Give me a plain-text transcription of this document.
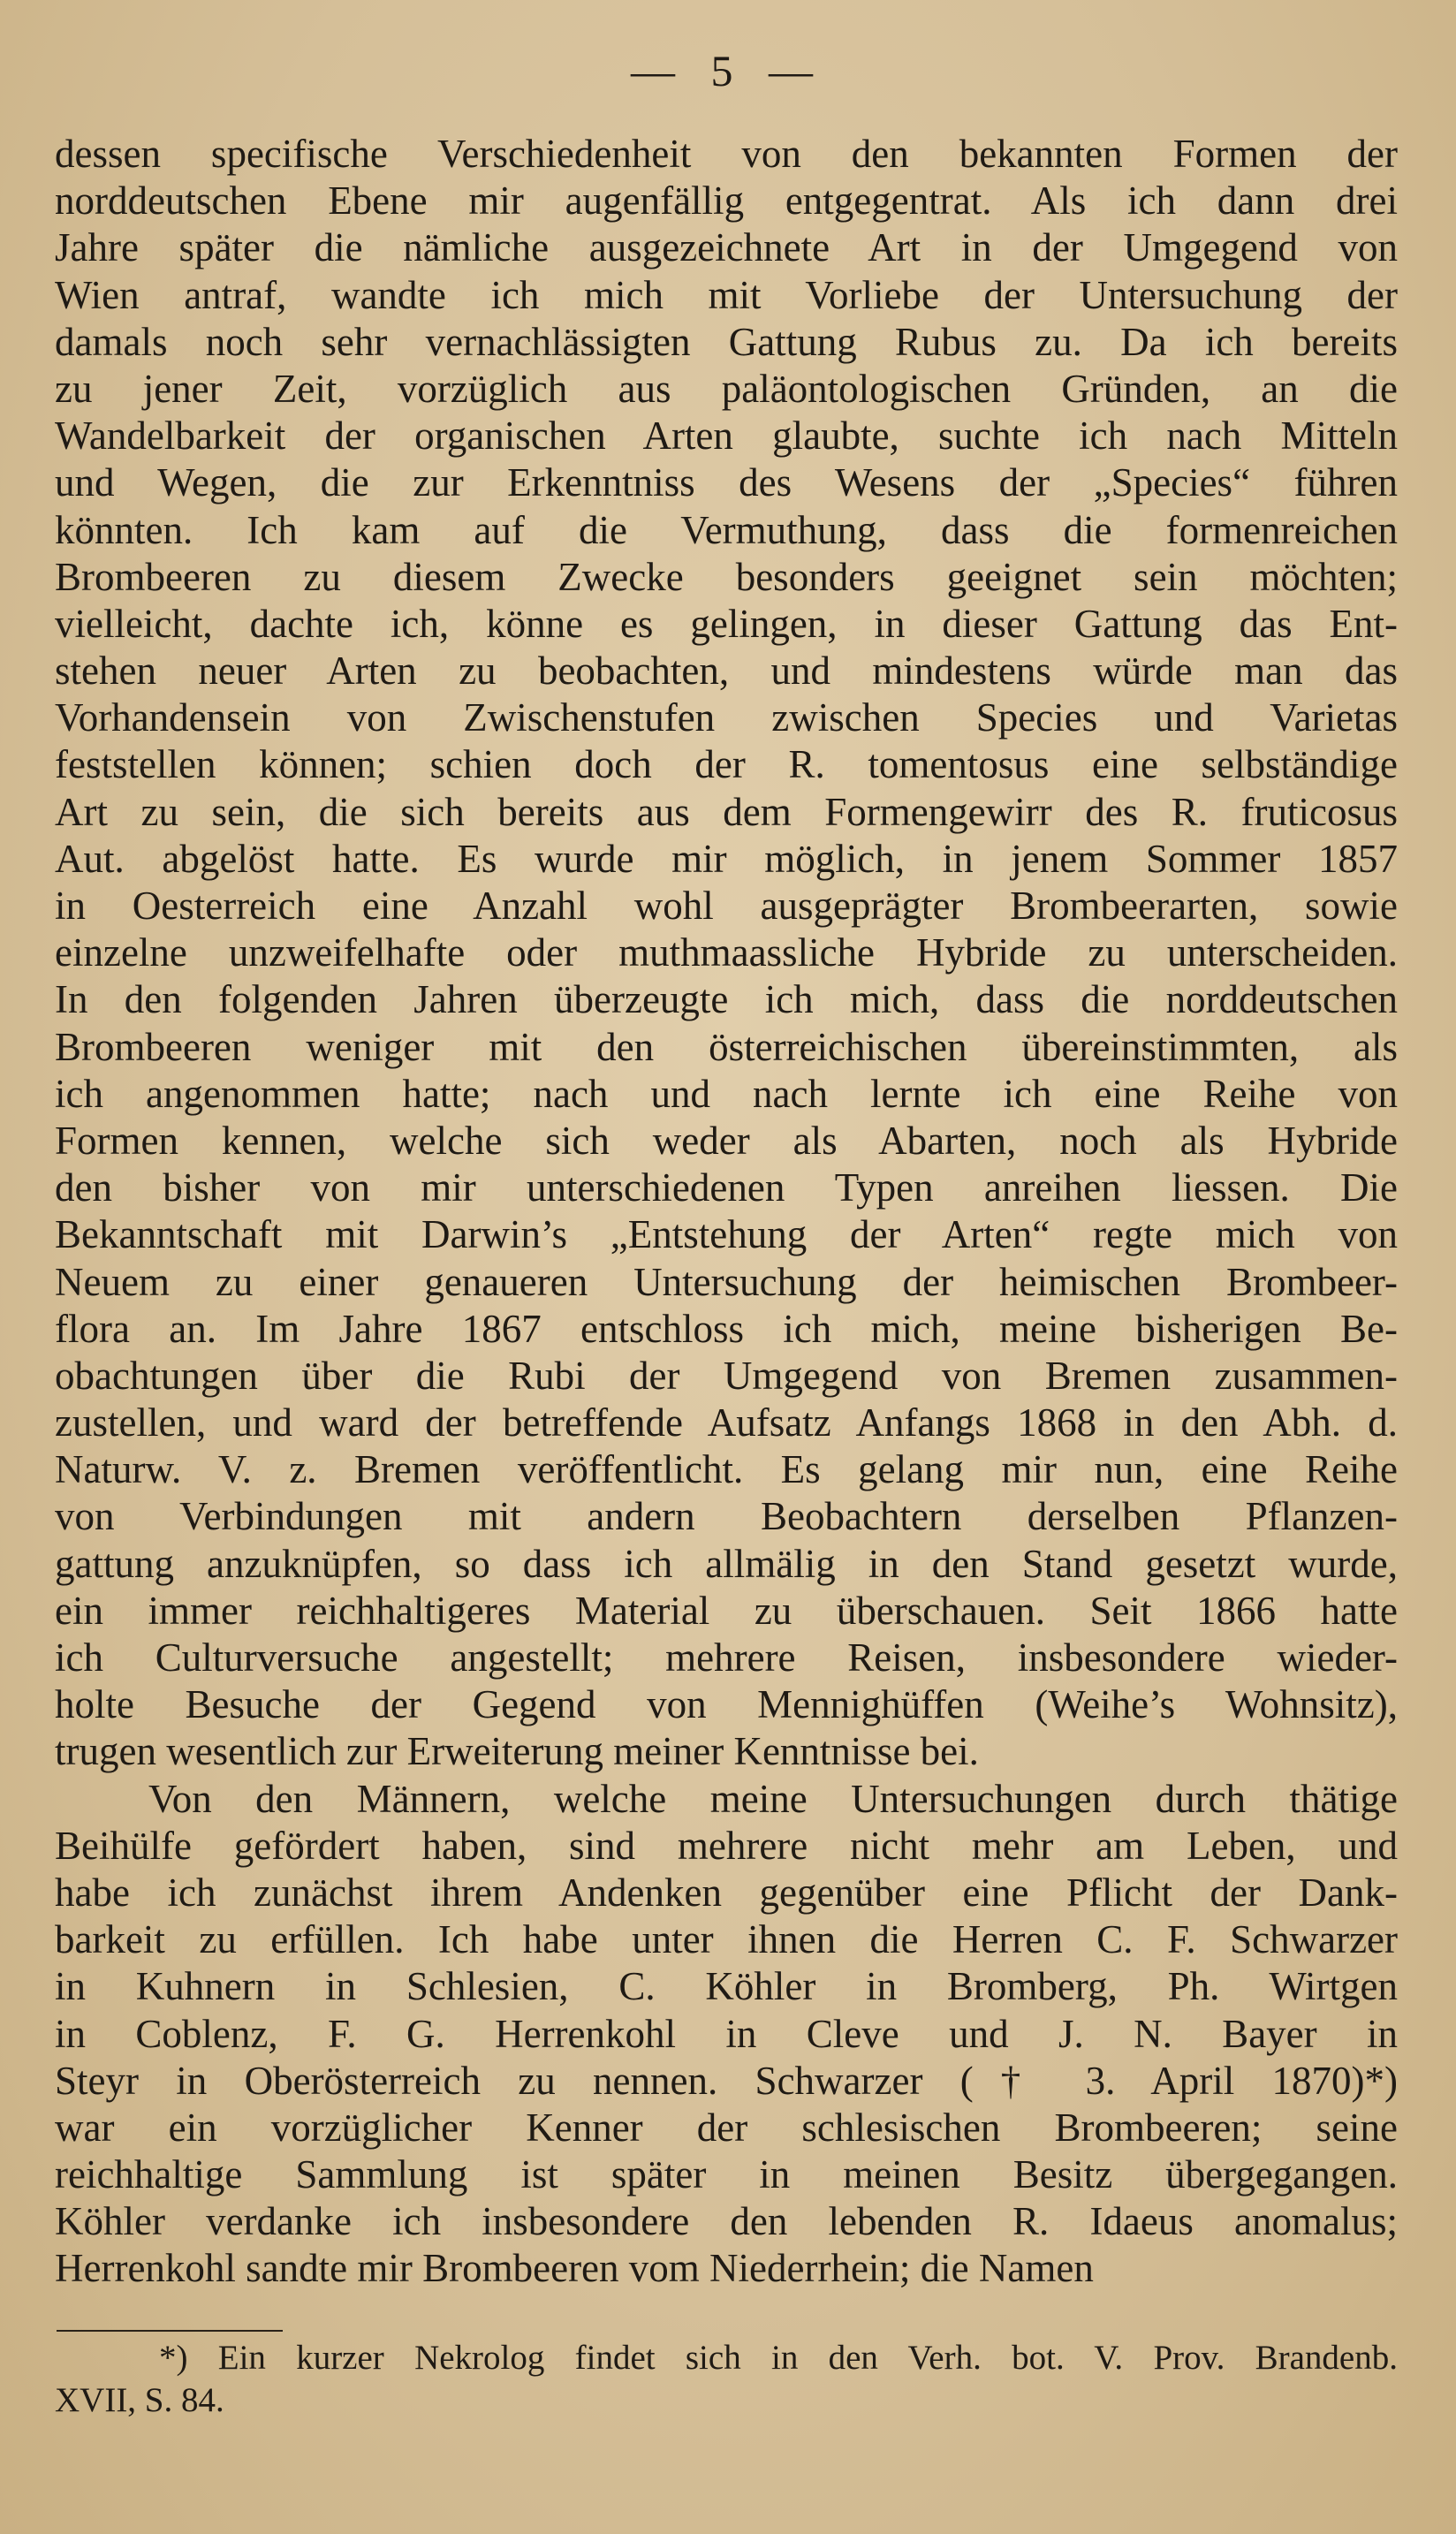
— 5 —
dessen specifische Verschiedenheit von den bekannten Formen der
norddeutschen Ebene mir augenfällig entgegentrat. Als ich dann drei
Jahre später die nämliche ausgezeichnete Art in der Umgegend von
Wien antraf, wandte ich mich mit Vorliebe der Untersuchung der
damals noch sehr vernachlässigten Gattung Rubus zu. Da ich bereits
zu jener Zeit, vorzüglich aus paläontologischen Gründen, an die
Wandelbarkeit der organischen Arten glaubte, suchte ich nach Mitteln
und Wegen, die zur Erkenntniss des Wesens der „Species“ führen
könnten. Ich kam auf die Vermuthung, dass die formenreichen
Brombeeren zu diesem Zwecke besonders geeignet sein möchten;
vielleicht, dachte ich, könne es gelingen, in dieser Gattung das Ent-
stehen neuer Arten zu beobachten, und mindestens würde man das
Vorhandensein von Zwischenstufen zwischen Species und Varietas
feststellen können; schien doch der R. tomentosus eine selbständige
Art zu sein, die sich bereits aus dem Formengewirr des R. fruticosus
Aut. abgelöst hatte. Es wurde mir möglich, in jenem Sommer 1857
in Oesterreich eine Anzahl wohl ausgeprägter Brombeerarten, sowie
einzelne unzweifelhafte oder muthmaassliche Hybride zu unterscheiden.
In den folgenden Jahren überzeugte ich mich, dass die norddeutschen
Brombeeren weniger mit den österreichischen übereinstimmten, als
ich angenommen hatte; nach und nach lernte ich eine Reihe von
Formen kennen, welche sich weder als Abarten, noch als Hybride
den bisher von mir unterschiedenen Typen anreihen liessen. Die
Bekanntschaft mit Darwin’s „Entstehung der Arten“ regte mich von
Neuem zu einer genaueren Untersuchung der heimischen Brombeer-
flora an. Im Jahre 1867 entschloss ich mich, meine bisherigen Be-
obachtungen über die Rubi der Umgegend von Bremen zusammen-
zustellen, und ward der betreffende Aufsatz Anfangs 1868 in den Abh. d.
Naturw. V. z. Bremen veröffentlicht. Es gelang mir nun, eine Reihe
von Verbindungen mit andern Beobachtern derselben Pflanzen-
gattung anzuknüpfen, so dass ich allmälig in den Stand gesetzt wurde,
ein immer reichhaltigeres Material zu überschauen. Seit 1866 hatte
ich Culturversuche angestellt; mehrere Reisen, insbesondere wieder-
holte Besuche der Gegend von Mennighüffen (Weihe’s Wohnsitz),
trugen wesentlich zur Erweiterung meiner Kenntnisse bei.
Von den Männern, welche meine Untersuchungen durch thätige
Beihülfe gefördert haben, sind mehrere nicht mehr am Leben, und
habe ich zunächst ihrem Andenken gegenüber eine Pflicht der Dank-
barkeit zu erfüllen. Ich habe unter ihnen die Herren C. F. Schwarzer
in Kuhnern in Schlesien, C. Köhler in Bromberg, Ph. Wirtgen
in Coblenz, F. G. Herrenkohl in Cleve und J. N. Bayer in
Steyr in Oberösterreich zu nennen. Schwarzer († 3. April 1870)*)
war ein vorzüglicher Kenner der schlesischen Brombeeren; seine
reichhaltige Sammlung ist später in meinen Besitz übergegangen.
Köhler verdanke ich insbesondere den lebenden R. Idaeus anomalus;
Herrenkohl sandte mir Brombeeren vom Niederrhein; die Namen
*) Ein kurzer Nekrolog findet sich in den Verh. bot. V. Prov. Brandenb.
XVII, S. 84.
